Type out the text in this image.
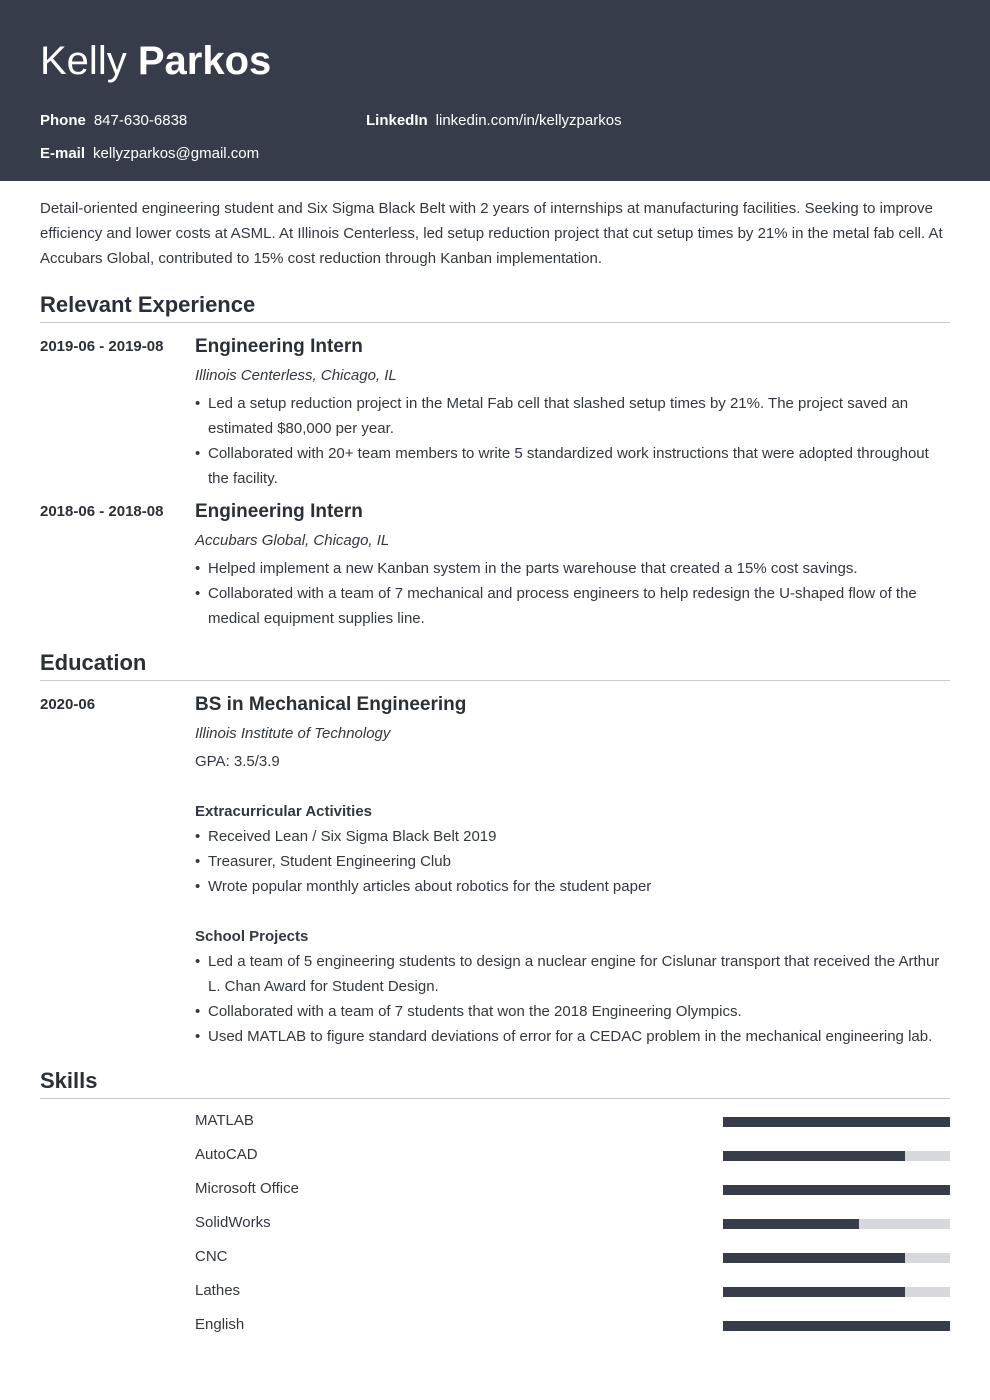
Kelly Parkos
Phone 847-630-6838	LinkedIn linkedin.com/in/kellyzparkos
E-mail kellyzparkos@gmail.com
Detail-oriented engineering student and Six Sigma Black Belt with 2 years of internships at manufacturing facilities. Seeking to improve efficiency and lower costs at ASML. At Illinois Centerless, led setup reduction project that cut setup times by 21% in the metal fab cell. At Accubars Global, contributed to 15% cost reduction through Kanban implementation.
Relevant Experience
2019-06 - 2019-08 Engineering Intern
Illinois Centerless, Chicago, IL
• Led a setup reduction project in the Metal Fab cell that slashed setup times by 21%. The project saved an estimated $80,000 per year.
• Collaborated with 20+ team members to write 5 standardized work instructions that were adopted throughout the facility.
2018-06 - 2018-08 Engineering Intern
Accubars Global, Chicago, IL
• Helped implement a new Kanban system in the parts warehouse that created a 15% cost savings.
• Collaborated with a team of 7 mechanical and process engineers to help redesign the U-shaped flow of the medical equipment supplies line.
Education
2020-06	BS in Mechanical Engineering
Illinois Institute of Technology
GPA: 3.5/3.9

Extracurricular Activities
• Received Lean / Six Sigma Black Belt 2019
• Treasurer, Student Engineering Club
• Wrote popular monthly articles about robotics for the student paper

School Projects
• Led a team of 5 engineering students to design a nuclear engine for Cislunar transport that received the Arthur L. Chan Award for Student Design.
• Collaborated with a team of 7 students that won the 2018 Engineering Olympics.
• Used MATLAB to figure standard deviations of error for a CEDAC problem in the mechanical engineering lab.
Skills
MATLAB
AutoCAD
Microsoft Office
SolidWorks
CNC
Lathes
English
